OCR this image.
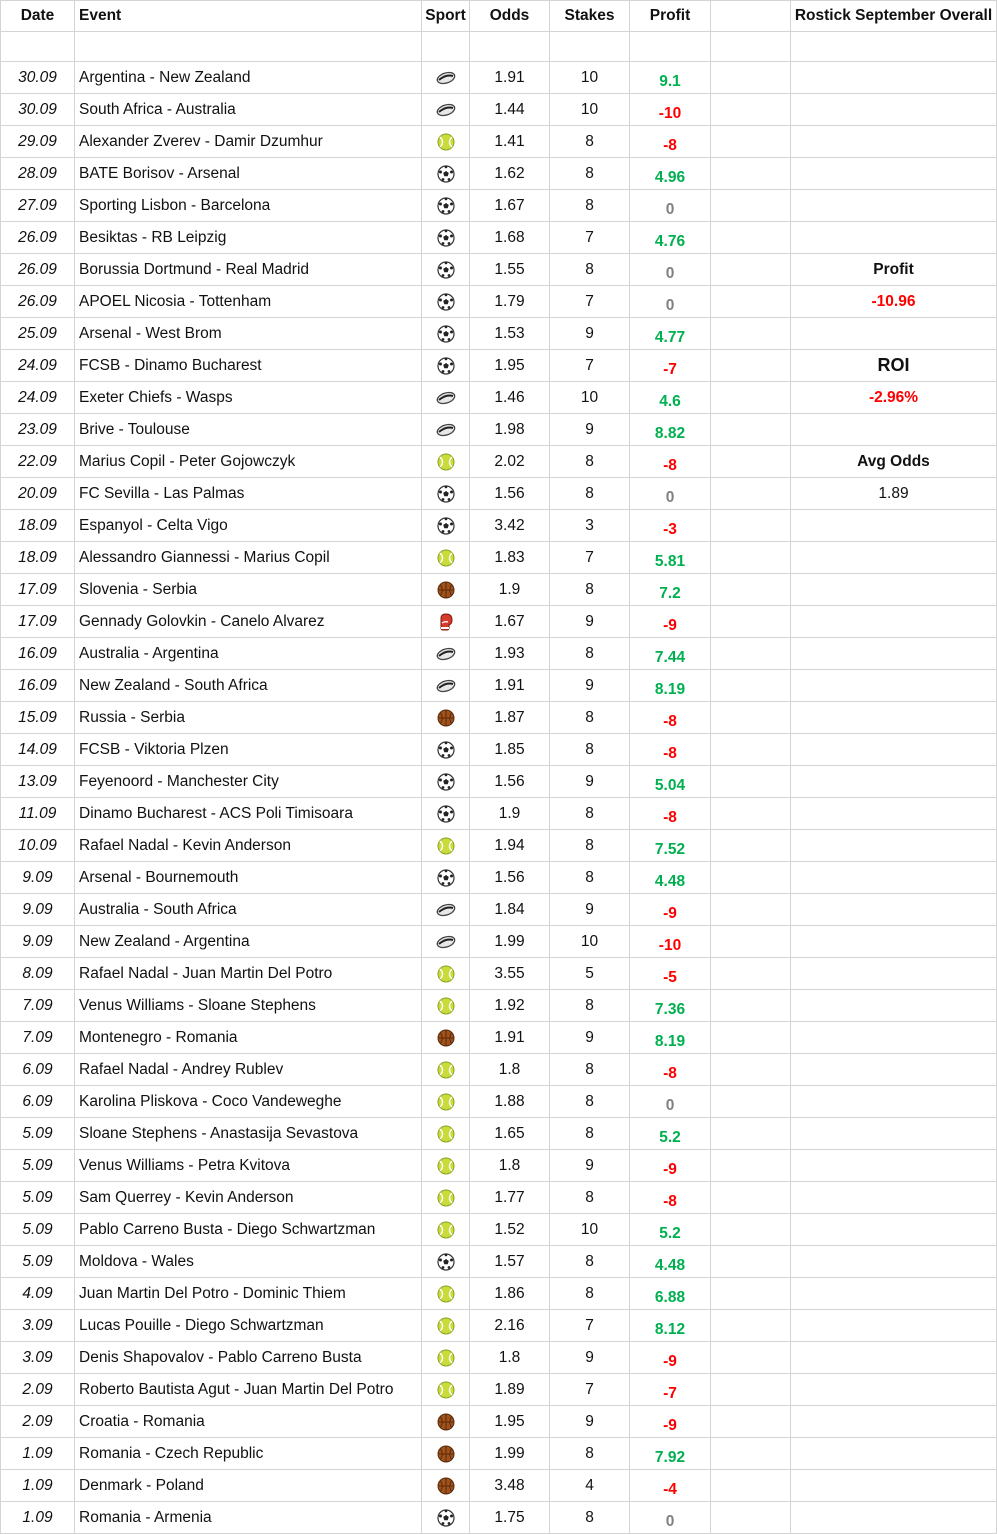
Date	Event	Sport	Odds	Stakes	Profit		Rostick September Overall

30.09	Argentina - New Zealand		1.91	10	9.1		
30.09	South Africa - Australia		1.44	10	-10		
29.09	Alexander Zverev - Damir Dzumhur		1.41	8	-8		
28.09	BATE Borisov - Arsenal		1.62	8	4.96		
27.09	Sporting Lisbon - Barcelona		1.67	8	0		
26.09	Besiktas - RB Leipzig		1.68	7	4.76		
26.09	Borussia Dortmund - Real Madrid		1.55	8	0		Profit
26.09	APOEL Nicosia - Tottenham		1.79	7	0		-10.96
25.09	Arsenal - West Brom		1.53	9	4.77		
24.09	FCSB - Dinamo Bucharest		1.95	7	-7		ROI
24.09	Exeter Chiefs - Wasps		1.46	10	4.6		-2.96%
23.09	Brive - Toulouse		1.98	9	8.82		
22.09	Marius Copil - Peter Gojowczyk		2.02	8	-8		Avg Odds
20.09	FC Sevilla - Las Palmas		1.56	8	0		1.89
18.09	Espanyol - Celta Vigo		3.42	3	-3		
18.09	Alessandro Giannessi - Marius Copil		1.83	7	5.81		
17.09	Slovenia - Serbia		1.9	8	7.2		
17.09	Gennady Golovkin - Canelo Alvarez		1.67	9	-9		
16.09	Australia - Argentina		1.93	8	7.44		
16.09	New Zealand - South Africa		1.91	9	8.19		
15.09	Russia - Serbia		1.87	8	-8		
14.09	FCSB - Viktoria Plzen		1.85	8	-8		
13.09	Feyenoord - Manchester City		1.56	9	5.04		
11.09	Dinamo Bucharest - ACS Poli Timisoara		1.9	8	-8		
10.09	Rafael Nadal - Kevin Anderson		1.94	8	7.52		
9.09	Arsenal - Bournemouth		1.56	8	4.48		
9.09	Australia - South Africa		1.84	9	-9		
9.09	New Zealand - Argentina		1.99	10	-10		
8.09	Rafael Nadal - Juan Martin Del Potro		3.55	5	-5		
7.09	Venus Williams - Sloane Stephens		1.92	8	7.36		
7.09	Montenegro - Romania		1.91	9	8.19		
6.09	Rafael Nadal - Andrey Rublev		1.8	8	-8		
6.09	Karolina Pliskova - Coco Vandeweghe		1.88	8	0		
5.09	Sloane Stephens - Anastasija Sevastova		1.65	8	5.2		
5.09	Venus Williams - Petra Kvitova		1.8	9	-9		
5.09	Sam Querrey - Kevin Anderson		1.77	8	-8		
5.09	Pablo Carreno Busta - Diego Schwartzman		1.52	10	5.2		
5.09	Moldova - Wales		1.57	8	4.48		
4.09	Juan Martin Del Potro - Dominic Thiem		1.86	8	6.88		
3.09	Lucas Pouille - Diego Schwartzman		2.16	7	8.12		
3.09	Denis Shapovalov - Pablo Carreno Busta		1.8	9	-9		
2.09	Roberto Bautista Agut - Juan Martin Del Potro		1.89	7	-7		
2.09	Croatia - Romania		1.95	9	-9		
1.09	Romania - Czech Republic		1.99	8	7.92		
1.09	Denmark - Poland		3.48	4	-4		
1.09	Romania - Armenia		1.75	8	0		
